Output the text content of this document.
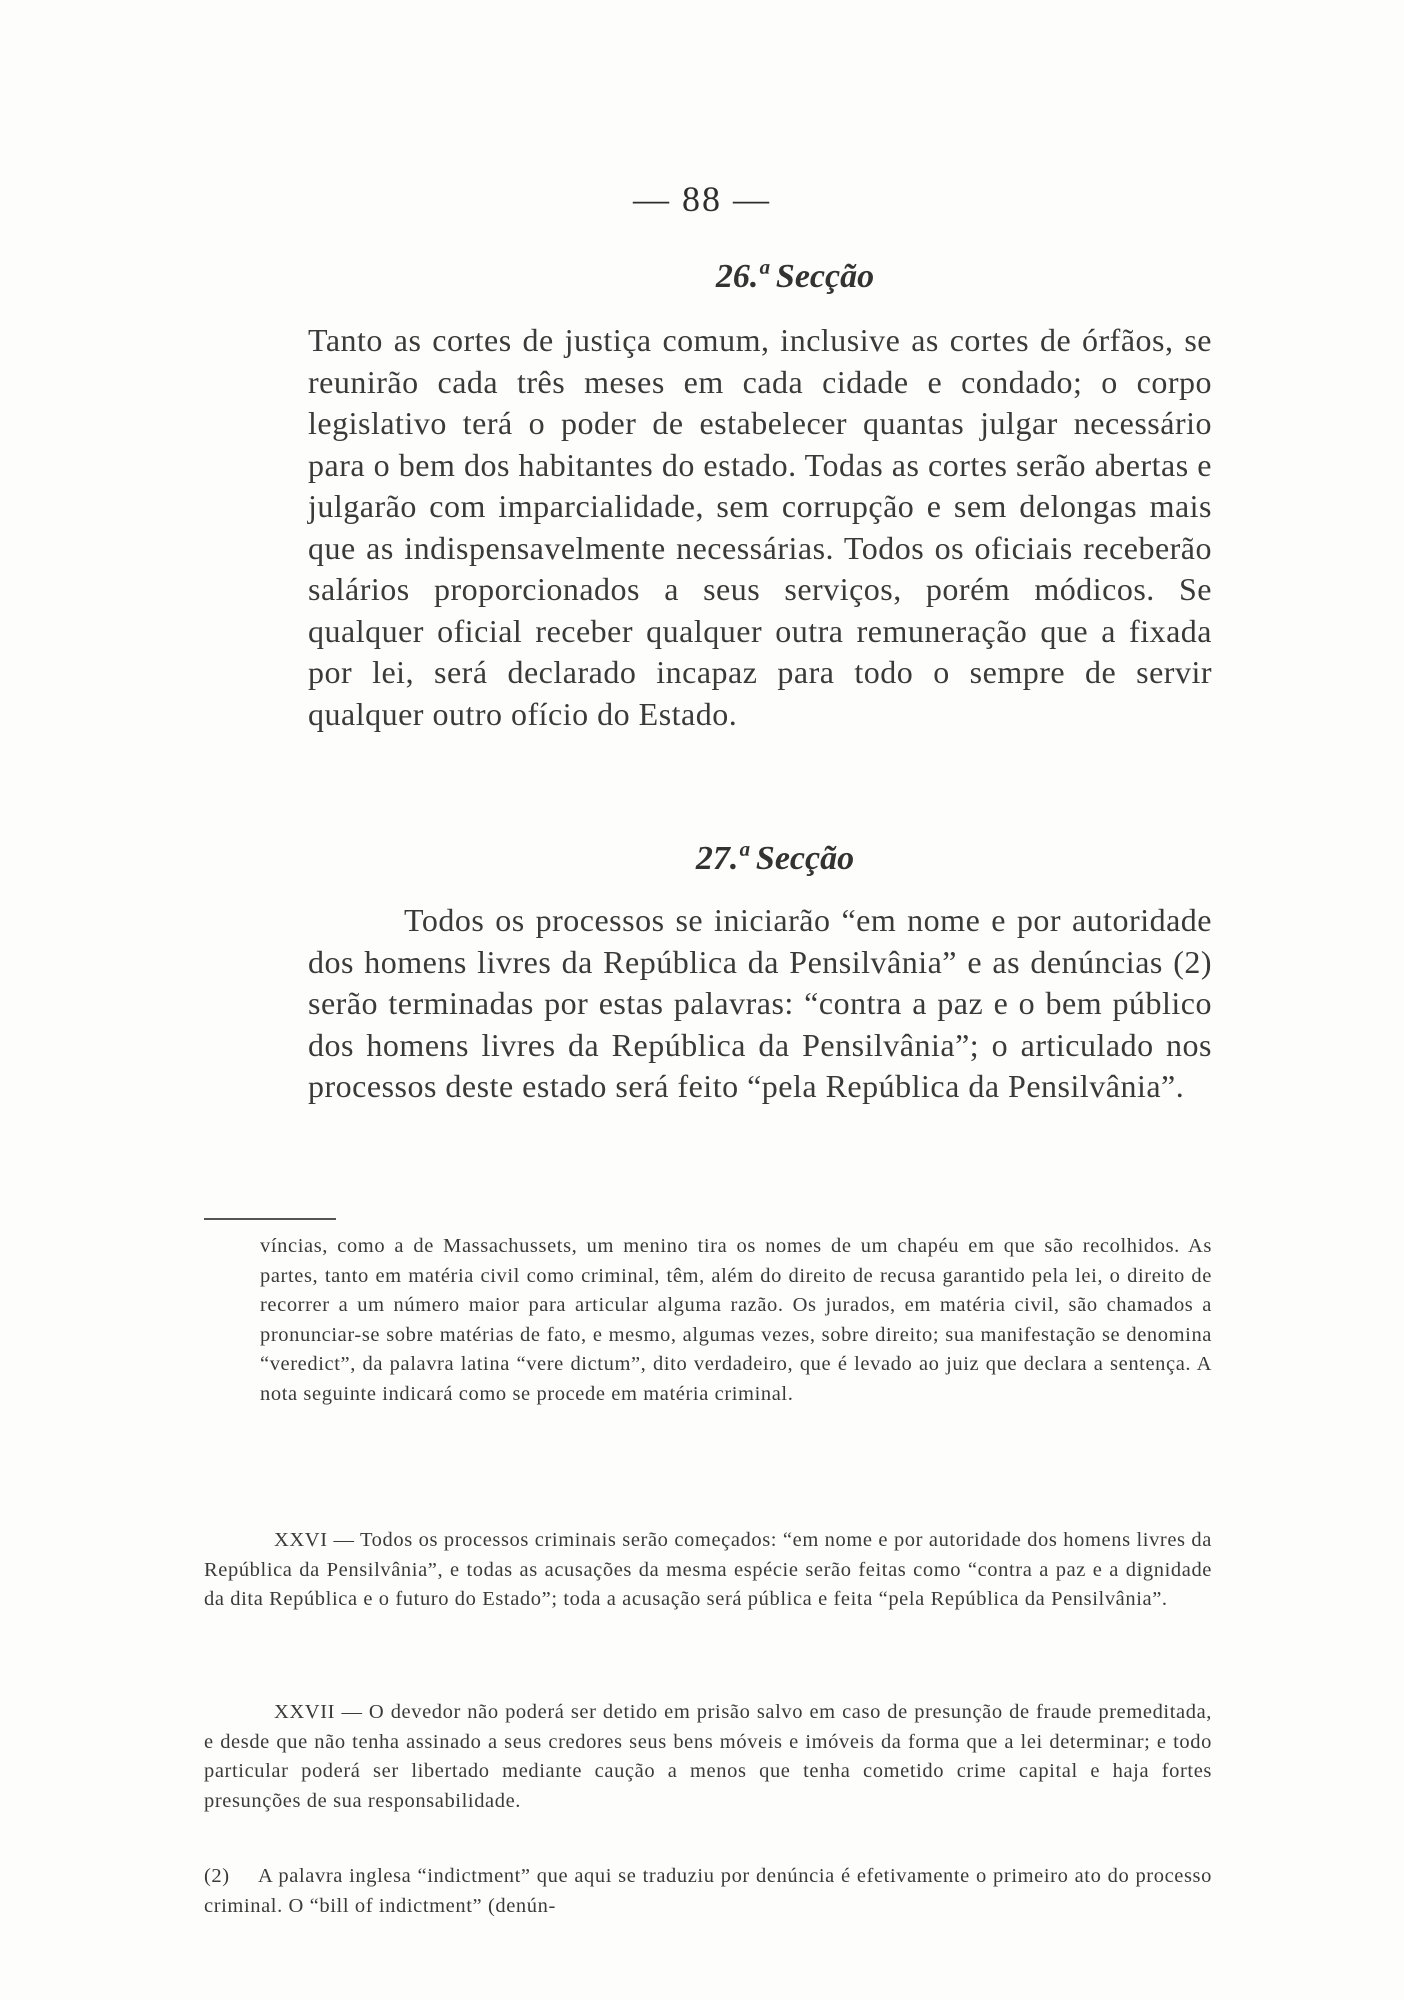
— 88 —
26.ª Secção

Tanto as cortes de justiça comum, inclusive as cortes de órfãos, se reunirão cada três meses em cada cidade e condado; o corpo legislativo terá o poder de estabelecer quantas julgar necessário para o bem dos habitantes do estado. Todas as cortes serão abertas e julgarão com imparcialidade, sem corrupção e sem delongas mais que as indispensavelmente necessárias. Todos os oficiais receberão salários proporcionados a seus serviços, porém módicos. Se qualquer oficial receber qualquer outra remuneração que a fixada por lei, será declarado incapaz para todo o sempre de servir qualquer outro ofício do Estado.

27.ª Secção

Todos os processos se iniciarão “em nome e por autoridade dos homens livres da República da Pensilvânia” e as denúncias (2) serão terminadas por estas palavras: “contra a paz e o bem público dos homens livres da República da Pensilvânia”; o articulado nos processos deste estado será feito “pela República da Pensilvânia”.

víncias, como a de Massachussets, um menino tira os nomes de um chapéu em que são recolhidos. As partes, tanto em matéria civil como criminal, têm, além do direito de recusa garantido pela lei, o direito de recorrer a um número maior para articular alguma razão. Os jurados, em matéria civil, são chamados a pronunciar-se sobre matérias de fato, e mesmo, algumas vezes, sobre direito; sua manifestação se denomina “veredict”, da palavra latina “vere dictum”, dito verdadeiro, que é levado ao juiz que declara a sentença. A nota seguinte indicará como se procede em matéria criminal.

XXVI — Todos os processos criminais serão começados: “em nome e por autoridade dos homens livres da República da Pensilvânia”, e todas as acusações da mesma espécie serão feitas como “contra a paz e a dignidade da dita República e o futuro do Estado”; toda a acusação será pública e feita “pela República da Pensilvânia”.

XXVII — O devedor não poderá ser detido em prisão salvo em caso de presunção de fraude premeditada, e desde que não tenha assinado a seus credores seus bens móveis e imóveis da forma que a lei determinar; e todo particular poderá ser libertado mediante caução a menos que tenha cometido crime capital e haja fortes presunções de sua responsabilidade.

(2) A palavra inglesa “indictment” que aqui se traduziu por denúncia é efetivamente o primeiro ato do processo criminal. O “bill of indictment” (denún-
